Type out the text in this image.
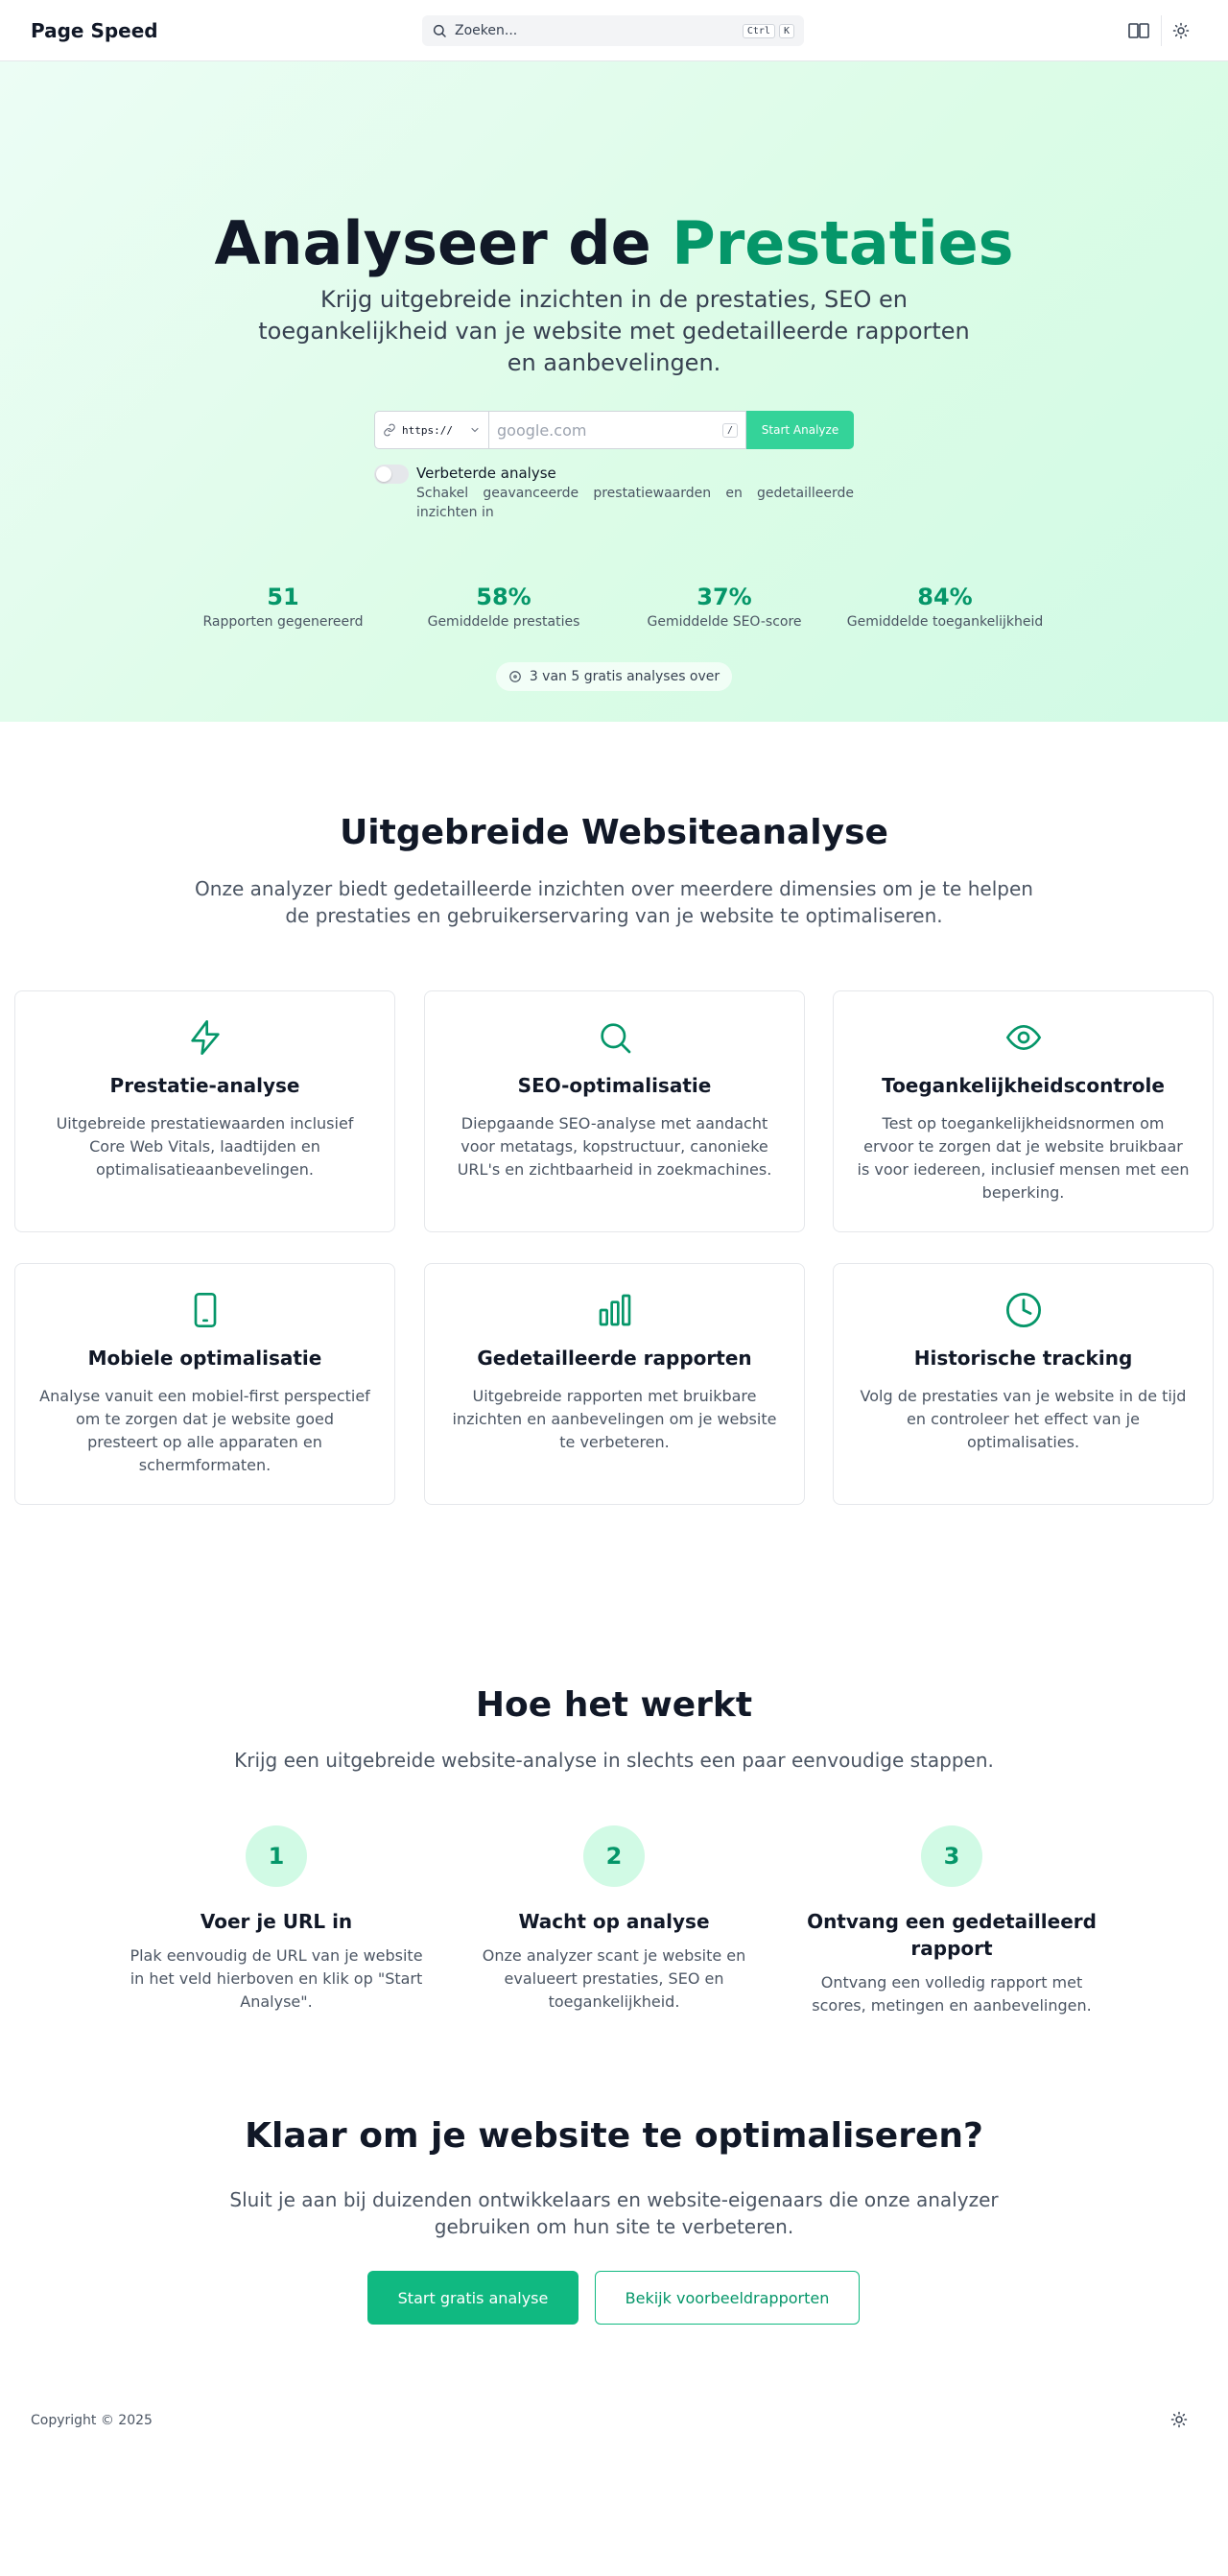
Page Speed	Zoeken...	Ctrl	K
Analyseer de Prestaties
Krijg uitgebreide inzichten in de prestaties, SEO en toegankelijkheid van je website met gedetailleerde rapporten en aanbevelingen.
https://
google.com	/	Start Analyze
Verbeterde analyse
Schakel geavanceerde prestatiewaarden en gedetailleerde inzichten in
51
Rapporten gegenereerd
58%
Gemiddelde prestaties
37%
Gemiddelde SEO-score
84%
Gemiddelde toegankelijkheid
3 van 5 gratis analyses over
Uitgebreide Websiteanalyse
Onze analyzer biedt gedetailleerde inzichten over meerdere dimensies om je te helpen de prestaties en gebruikerservaring van je website te optimaliseren.
Prestatie-analyse

Uitgebreide prestatiewaarden inclusief Core Web Vitals, laadtijden en optimalisatieaanbevelingen.

SEO-optimalisatie

Diepgaande SEO-analyse met aandacht voor metatags, kopstructuur, canonieke URL's en zichtbaarheid in zoekmachines.

Toegankelijkheidscontrole

Test op toegankelijkheidsnormen om ervoor te zorgen dat je website bruikbaar is voor iedereen, inclusief mensen met een beperking.

Mobiele optimalisatie

Analyse vanuit een mobiel-first perspectief om te zorgen dat je website goed presteert op alle apparaten en schermformaten.

Gedetailleerde rapporten

Uitgebreide rapporten met bruikbare inzichten en aanbevelingen om je website te verbeteren.

Historische tracking

Volg de prestaties van je website in de tijd en controleer het effect van je optimalisaties.

Hoe het werkt
Krijg een uitgebreide website-analyse in slechts een paar eenvoudige stappen.
1
Voer je URL in

Plak eenvoudig de URL van je website in het veld hierboven en klik op "Start Analyse".

2
Wacht op analyse

Onze analyzer scant je website en evalueert prestaties, SEO en toegankelijkheid.

3
Ontvang een gedetailleerd rapport

Ontvang een volledig rapport met scores, metingen en aanbevelingen.

Klaar om je website te optimaliseren?
Sluit je aan bij duizenden ontwikkelaars en website-eigenaars die onze analyzer gebruiken om hun site te verbeteren.
Start gratis analyse	Bekijk voorbeeldrapporten
Copyright © 2025
